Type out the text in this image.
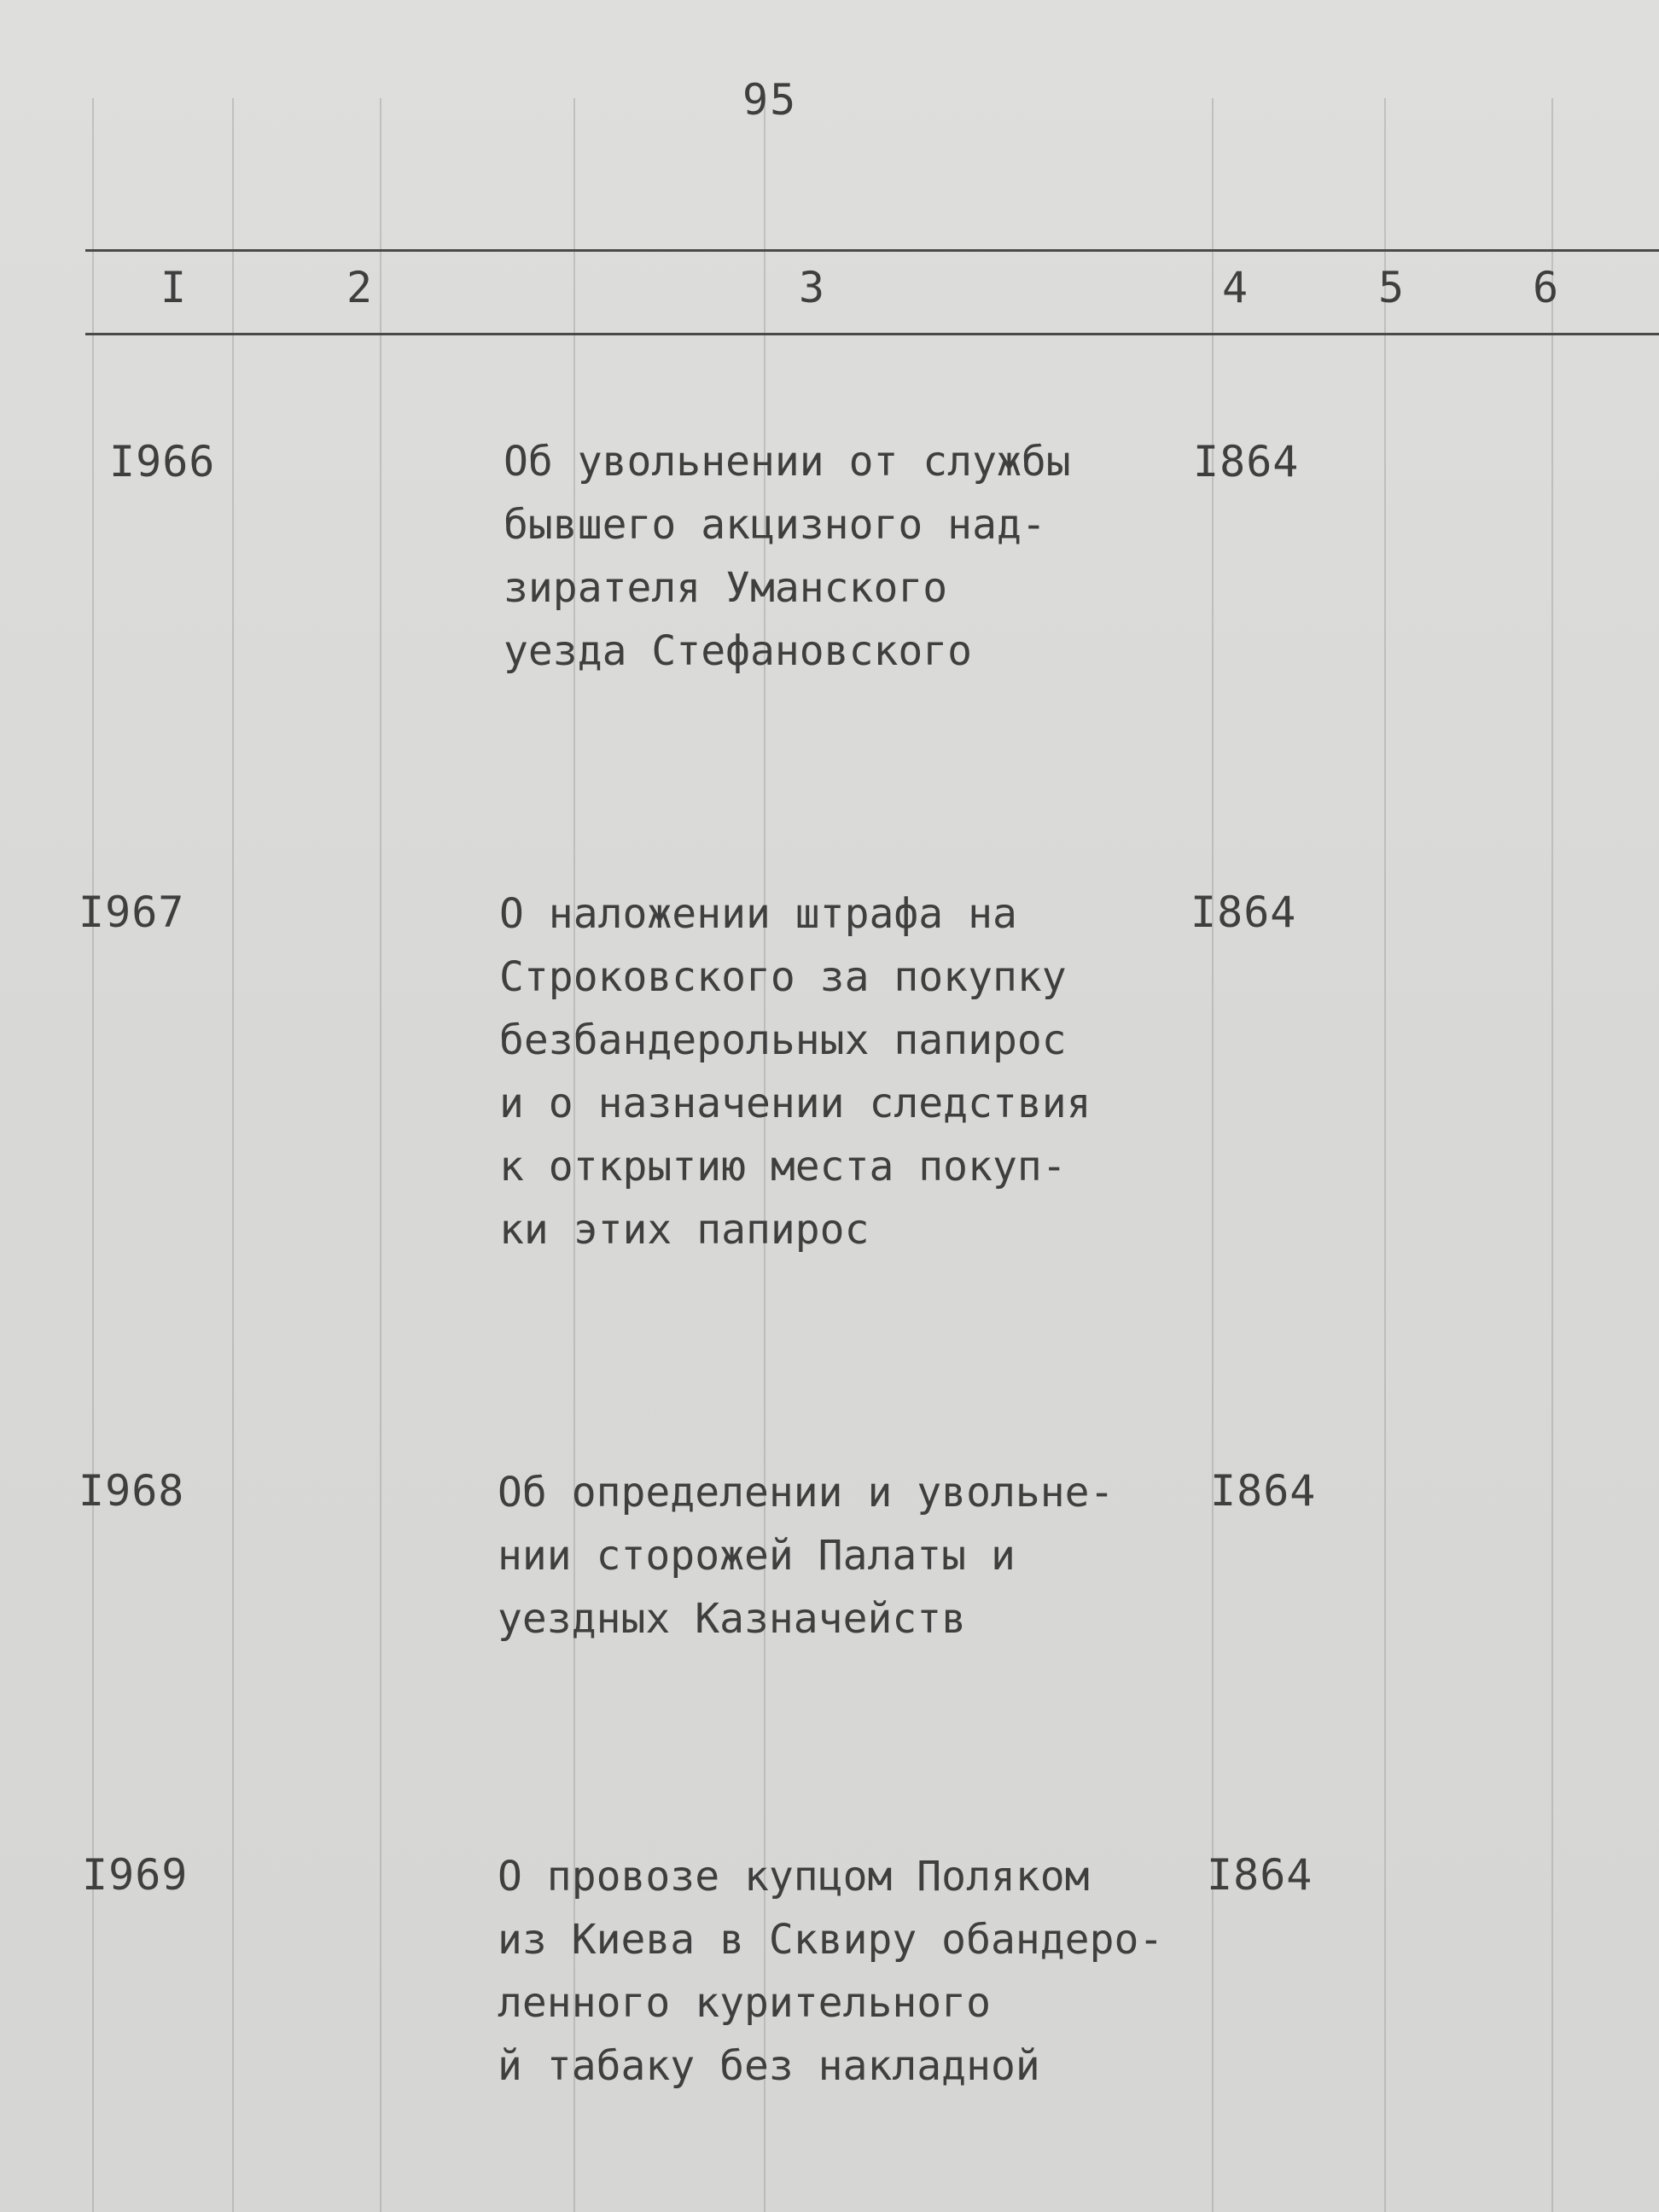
95
I	2	3	4	5	6
I966	Об увольнении от службы
бывшего акцизного над-
зирателя Уманского
уезда Стефановского
I864
I967	О наложении штрафа на
Строковского за покупку
безбандерольных папирос
и о назначении следствия
к открытию места покуп-
ки этих папирос
I864
I968	Об определении и увольне-
нии сторожей Палаты и
уездных Казначейств
I864
I969	О провозе купцом Поляком
из Киева в Сквиру обандеро-
ленного курительного
й табаку без накладной
I864
